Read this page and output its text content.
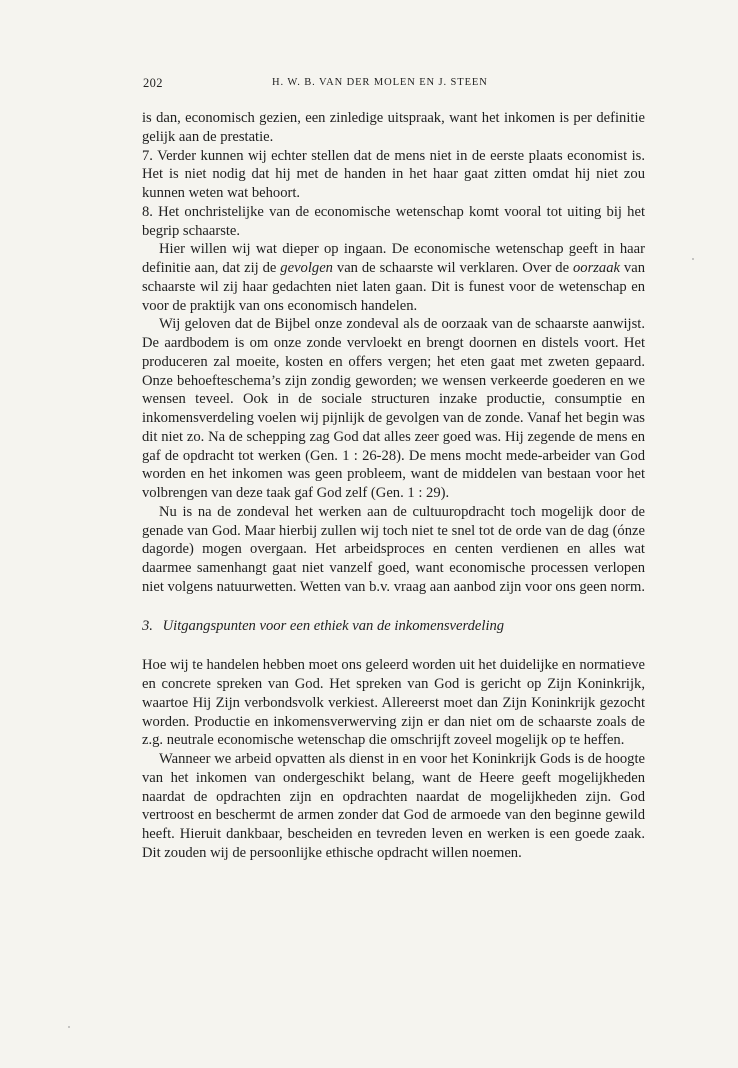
202	H. W. B. VAN DER MOLEN EN J. STEEN

is dan, economisch gezien, een zinledige uitspraak, want het inkomen is per definitie gelijk aan de prestatie.

7. Verder kunnen wij echter stellen dat de mens niet in de eerste plaats economist is. Het is niet nodig dat hij met de handen in het haar gaat zitten omdat hij niet zou kunnen weten wat behoort.

8. Het onchristelijke van de economische wetenschap komt vooral tot uiting bij het begrip schaarste.

Hier willen wij wat dieper op ingaan. De economische wetenschap geeft in haar definitie aan, dat zij de gevolgen van de schaarste wil verklaren. Over de oorzaak van schaarste wil zij haar gedachten niet laten gaan. Dit is funest voor de wetenschap en voor de praktijk van ons economisch handelen.

Wij geloven dat de Bijbel onze zondeval als de oorzaak van de schaarste aanwijst. De aardbodem is om onze zonde vervloekt en brengt doornen en distels voort. Het produceren zal moeite, kosten en offers vergen; het eten gaat met zweten gepaard. Onze behoefteschema’s zijn zondig geworden; we wensen verkeerde goederen en we wensen teveel. Ook in de sociale structuren inzake productie, consumptie en inkomensverdeling voelen wij pijnlijk de gevolgen van de zonde. Vanaf het begin was dit niet zo. Na de schepping zag God dat alles zeer goed was. Hij zegende de mens en gaf de opdracht tot werken (Gen. 1 : 26-28). De mens mocht mede-arbeider van God worden en het inkomen was geen probleem, want de middelen van bestaan voor het volbrengen van deze taak gaf God zelf (Gen. 1 : 29).

Nu is na de zondeval het werken aan de cultuuropdracht toch mogelijk door de genade van God. Maar hierbij zullen wij toch niet te snel tot de orde van de dag (ónze dagorde) mogen overgaan. Het arbeidsproces en centen verdienen en alles wat daarmee samenhangt gaat niet vanzelf goed, want economische processen verlopen niet volgens natuurwetten. Wetten van b.v. vraag aan aanbod zijn voor ons geen norm.

3. Uitgangspunten voor een ethiek van de inkomensverdeling

Hoe wij te handelen hebben moet ons geleerd worden uit het duidelijke en normatieve en concrete spreken van God. Het spreken van God is gericht op Zijn Koninkrijk, waartoe Hij Zijn verbondsvolk verkiest. Allereerst moet dan Zijn Koninkrijk gezocht worden. Productie en inkomensverwerving zijn er dan niet om de schaarste zoals de z.g. neutrale economische wetenschap die omschrijft zoveel mogelijk op te heffen.

Wanneer we arbeid opvatten als dienst in en voor het Koninkrijk Gods is de hoogte van het inkomen van ondergeschikt belang, want de Heere geeft mogelijkheden naardat de opdrachten zijn en opdrachten naardat de mogelijkheden zijn. God vertroost en beschermt de armen zonder dat God de armoede van den beginne gewild heeft. Hieruit dankbaar, bescheiden en tevreden leven en werken is een goede zaak. Dit zouden wij de persoonlijke ethische opdracht willen noemen.
